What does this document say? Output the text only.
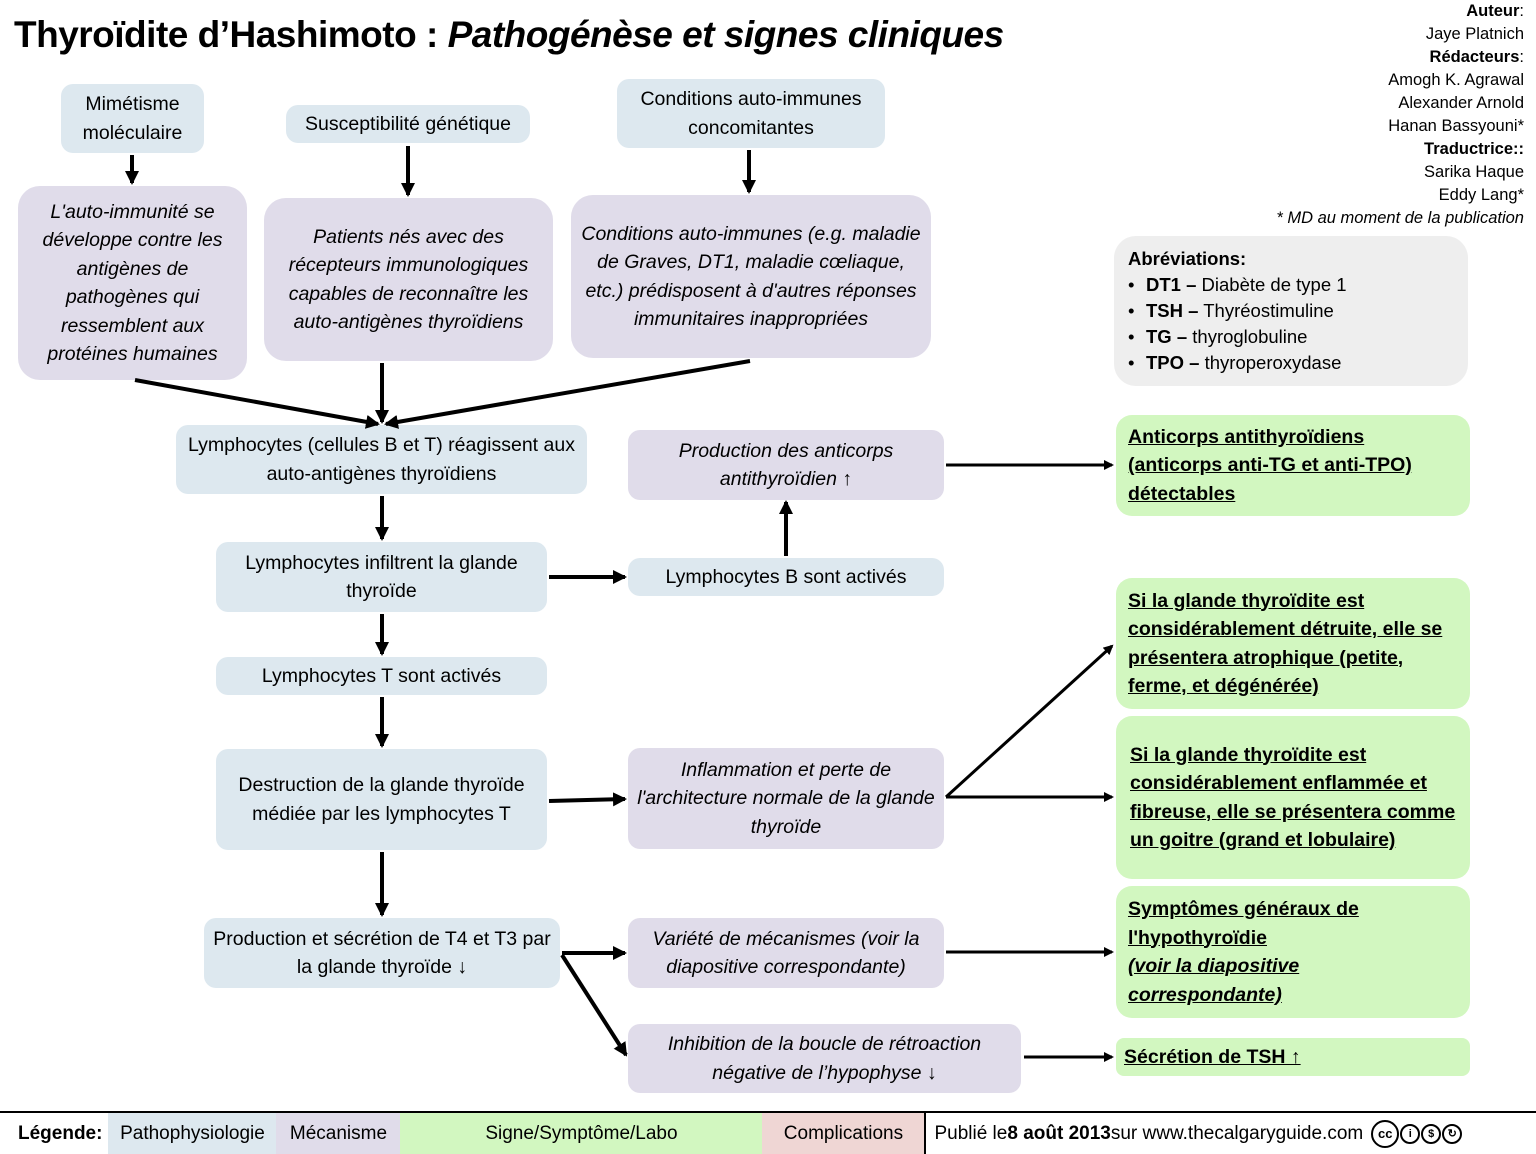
Thyroïdite d’Hashimoto : Pathogénèse et signes cliniques
Auteur:
Jaye Platnich
Rédacteurs:
Amogh K. Agrawal
Alexander Arnold
Hanan Bassyouni*
Traductrice::
Sarika Haque
Eddy Lang*
* MD au moment de la publication
Abréviations:
• DT1 – Diabète de type 1
• TSH – Thyréostimuline
• TG – thyroglobuline
• TPO – thyroperoxydase
Mimétisme moléculaire	Susceptibilité génétique
Conditions auto-immunes concomitantes
L'auto-immunité se développe contre les antigènes de pathogènes qui ressemblent aux protéines humaines
Patients nés avec des récepteurs immunologiques capables de reconnaître les auto-antigènes thyroïdiens
Conditions auto-immunes (e.g. maladie de Graves, DT1, maladie cœliaque, etc.) prédisposent à d'autres réponses immunitaires inappropriées
Lymphocytes (cellules B et T) réagissent aux auto-antigènes thyroïdiens
Lymphocytes infiltrent la glande thyroïde
Lymphocytes T sont activés
Destruction de la glande thyroïde médiée par les lymphocytes T
Production et sécrétion de T4 et T3 par la glande thyroïde ↓
Production des anticorps antithyroïdien ↑
Lymphocytes B sont activés
Inflammation et perte de l'architecture normale de la glande thyroïde
Variété de mécanismes (voir la diapositive correspondante)
Inhibition de la boucle de rétroaction négative de l’hypophyse ↓
Anticorps antithyroïdiens (anticorps anti-TG et anti-TPO) détectables
Si la glande thyroïdite est considérablement détruite, elle se présentera atrophique (petite, ferme, et dégénérée)
Si la glande thyroïdite est considérablement enflammée et fibreuse, elle se présentera comme un goitre (grand et lobulaire)
Symptômes généraux de l'hypothyroïdie
(voir la diapositive correspondante)
Sécrétion de TSH ↑
Légende: Pathophysiologie	Mécanisme	Signe/Symptôme/Labo	Complications	Publié le 8 août 2013 sur www.thecalgaryguide.com	cc	i	$	↻
